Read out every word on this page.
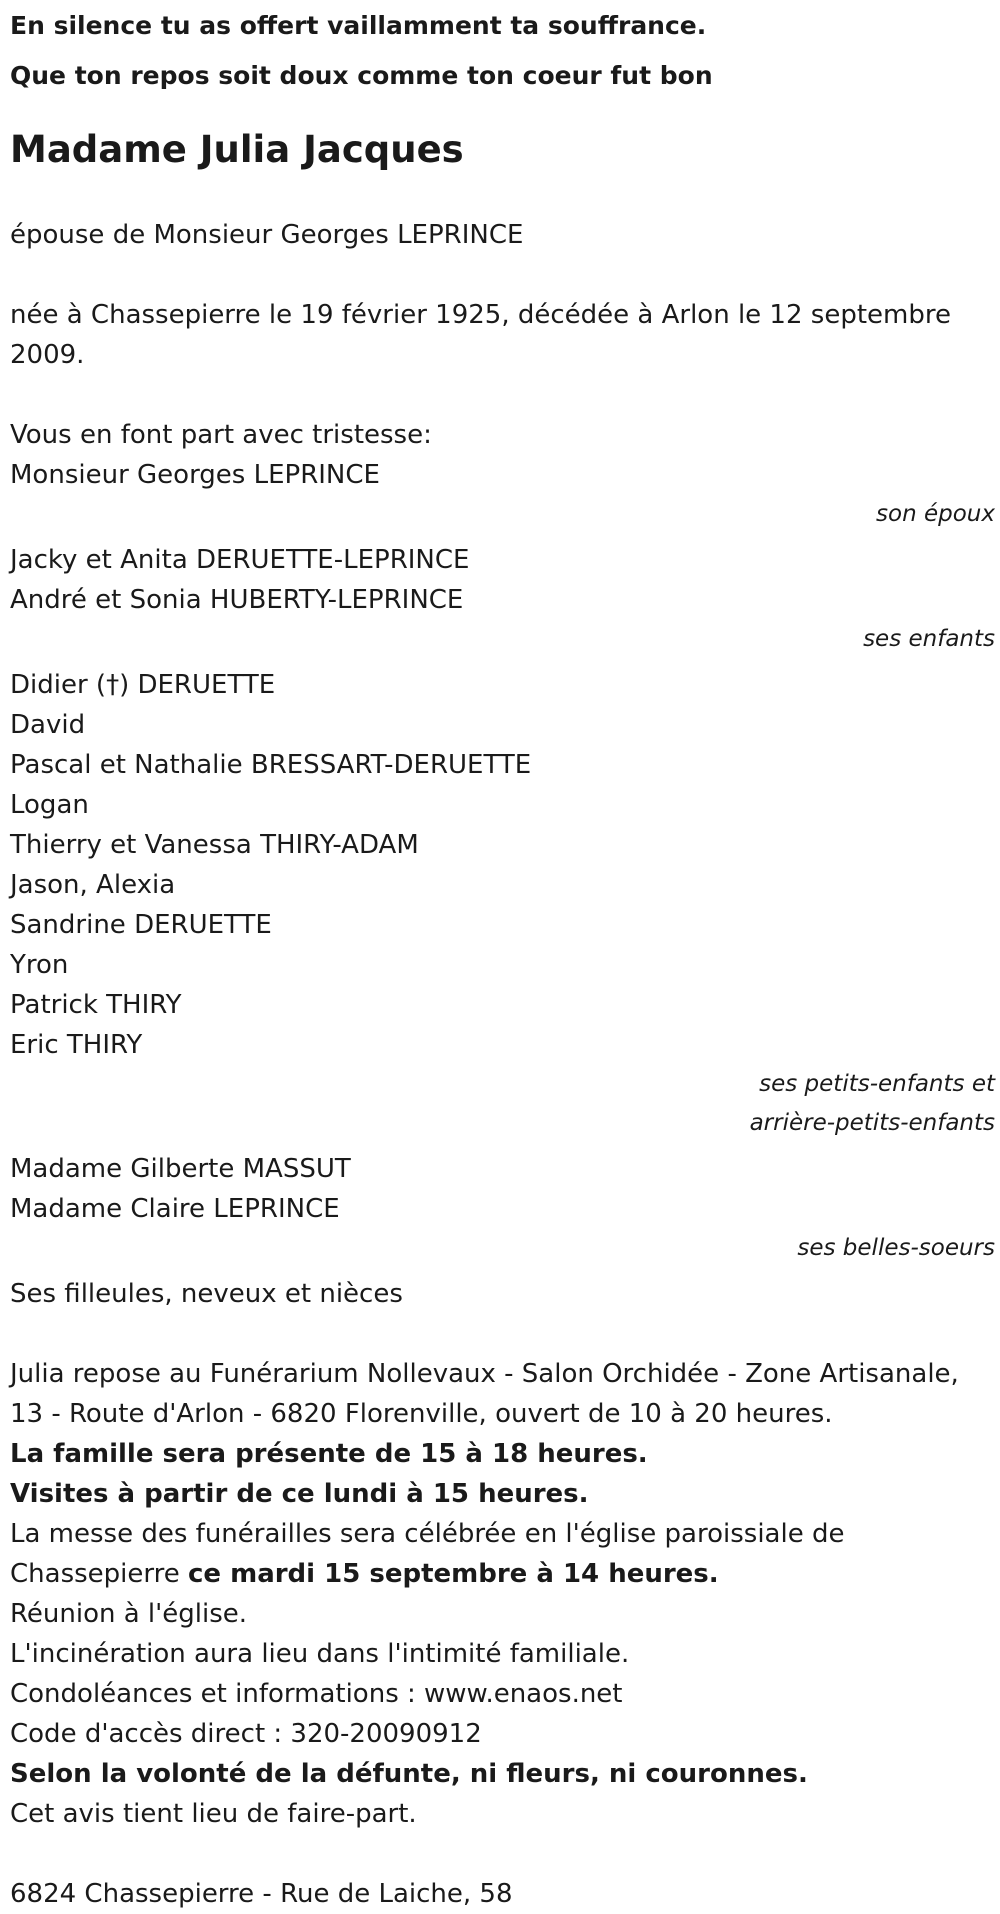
En silence tu as offert vaillamment ta souffrance.

Que ton repos soit doux comme ton coeur fut bon

Madame Julia Jacques

épouse de Monsieur Georges LEPRINCE

née à Chassepierre le 19 février 1925, décédée à Arlon le 12 septembre 2009.

Vous en font part avec tristesse:

Monsieur Georges LEPRINCE

son époux

Jacky et Anita DERUETTE-LEPRINCE

André et Sonia HUBERTY-LEPRINCE

ses enfants

Didier (†) DERUETTE

David

Pascal et Nathalie BRESSART-DERUETTE

Logan

Thierry et Vanessa THIRY-ADAM

Jason, Alexia

Sandrine DERUETTE

Yron

Patrick THIRY

Eric THIRY

ses petits-enfants et arrière-petits-enfants

Madame Gilberte MASSUT

Madame Claire LEPRINCE

ses belles-soeurs

Ses filleules, neveux et nièces

Julia repose au Funérarium Nollevaux - Salon Orchidée - Zone Artisanale, 13 - Route d'Arlon - 6820 Florenville, ouvert de 10 à 20 heures.

La famille sera présente de 15 à 18 heures.

Visites à partir de ce lundi à 15 heures.

La messe des funérailles sera célébrée en l'église paroissiale de Chassepierre ce mardi 15 septembre à 14 heures.

Réunion à l'église.

L'incinération aura lieu dans l'intimité familiale.

Condoléances et informations : www.enaos.net

Code d'accès direct : 320-20090912

Selon la volonté de la défunte, ni fleurs, ni couronnes.

Cet avis tient lieu de faire-part.

6824 Chassepierre - Rue de Laiche, 58
